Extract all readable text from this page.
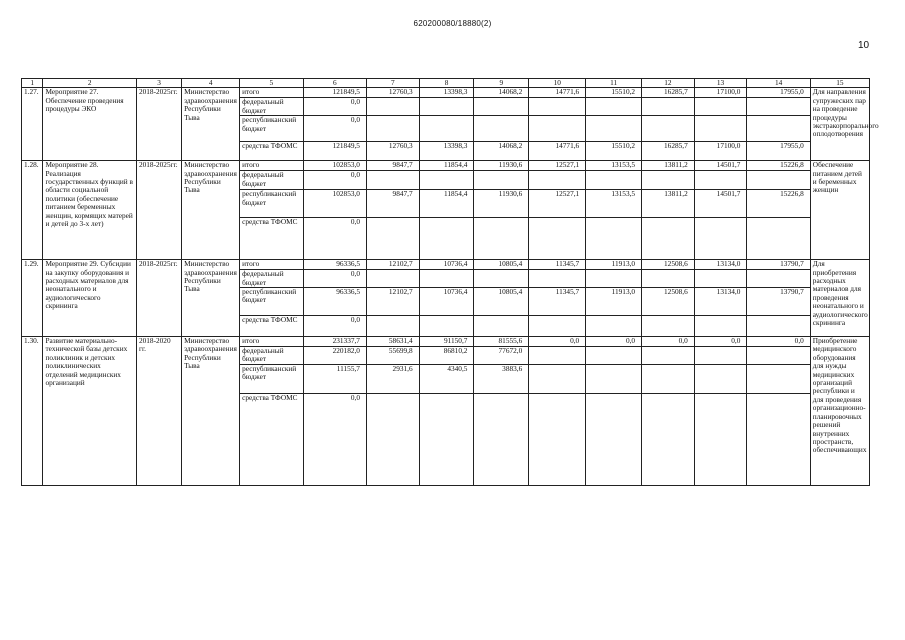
620200080/18880(2)
10
1	2	3	4	5	6	7	8	9	10	11	12	13	14	15
1.27.	Мероприятие 27. Обеспечение проведения процедуры ЭКО	2018-2025гг.	Министерство здравоохранения Республики Тыва	итого	121849,5	12760,3	13398,3	14068,2	14771,6	15510,2	16285,7	17100,0	17955,0	Для направления супружеских пар на проведение процедуры экстракорпорального оплодотворения
				федеральный бюджет	0,0									
				республиканский бюджет	0,0									
				средства ТФОМС	121849,5	12760,3	13398,3	14068,2	14771,6	15510,2	16285,7	17100,0	17955,0	
1.28.	Мероприятие 28. Реализация государственных функций в области социальной политики (обеспечение питанием беременных женщин, кормящих матерей и детей до 3-х лет)	2018-2025гг.	Министерство здравоохранения Республики Тыва	итого	102853,0	9847,7	11854,4	11930,6	12527,1	13153,5	13811,2	14501,7	15226,8	Обеспечение питанием детей и беременных женщин
				федеральный бюджет	0,0									
				республиканский бюджет	102853,0	9847,7	11854,4	11930,6	12527,1	13153,5	13811,2	14501,7	15226,8	
				средства ТФОМС	0,0									
1.29.	Мероприятие 29. Субсидии на закупку оборудования и расходных материалов для неонатального и аудиологического скрининга	2018-2025гг.	Министерство здравоохранения Республики Тыва	итого	96336,5	12102,7	10736,4	10805,4	11345,7	11913,0	12508,6	13134,0	13790,7	Для приобретения расходных материалов для проведения неонатального и аудиологического скрининга
				федеральный бюджет	0,0									
				республиканский бюджет	96336,5	12102,7	10736,4	10805,4	11345,7	11913,0	12508,6	13134,0	13790,7	
				средства ТФОМС	0,0									
1.30.	Развитие материально-технической базы детских поликлиник и детских поликлинических отделений медицинских организаций	2018-2020 гг.	Министерство здравоохранения Республики Тыва	итого	231337,7	58631,4	91150,7	81555,6	0,0	0,0	0,0	0,0	0,0	Приобретение медицинского оборудования для нужды медицинских организаций республики и для проведения организационно-планировочных решений внутренних пространств, обеспечивающих
				федеральный бюджет	220182,0	55699,8	86810,2	77672,0						
				республиканский бюджет	11155,7	2931,6	4340,5	3883,6						
				средства ТФОМС	0,0									
